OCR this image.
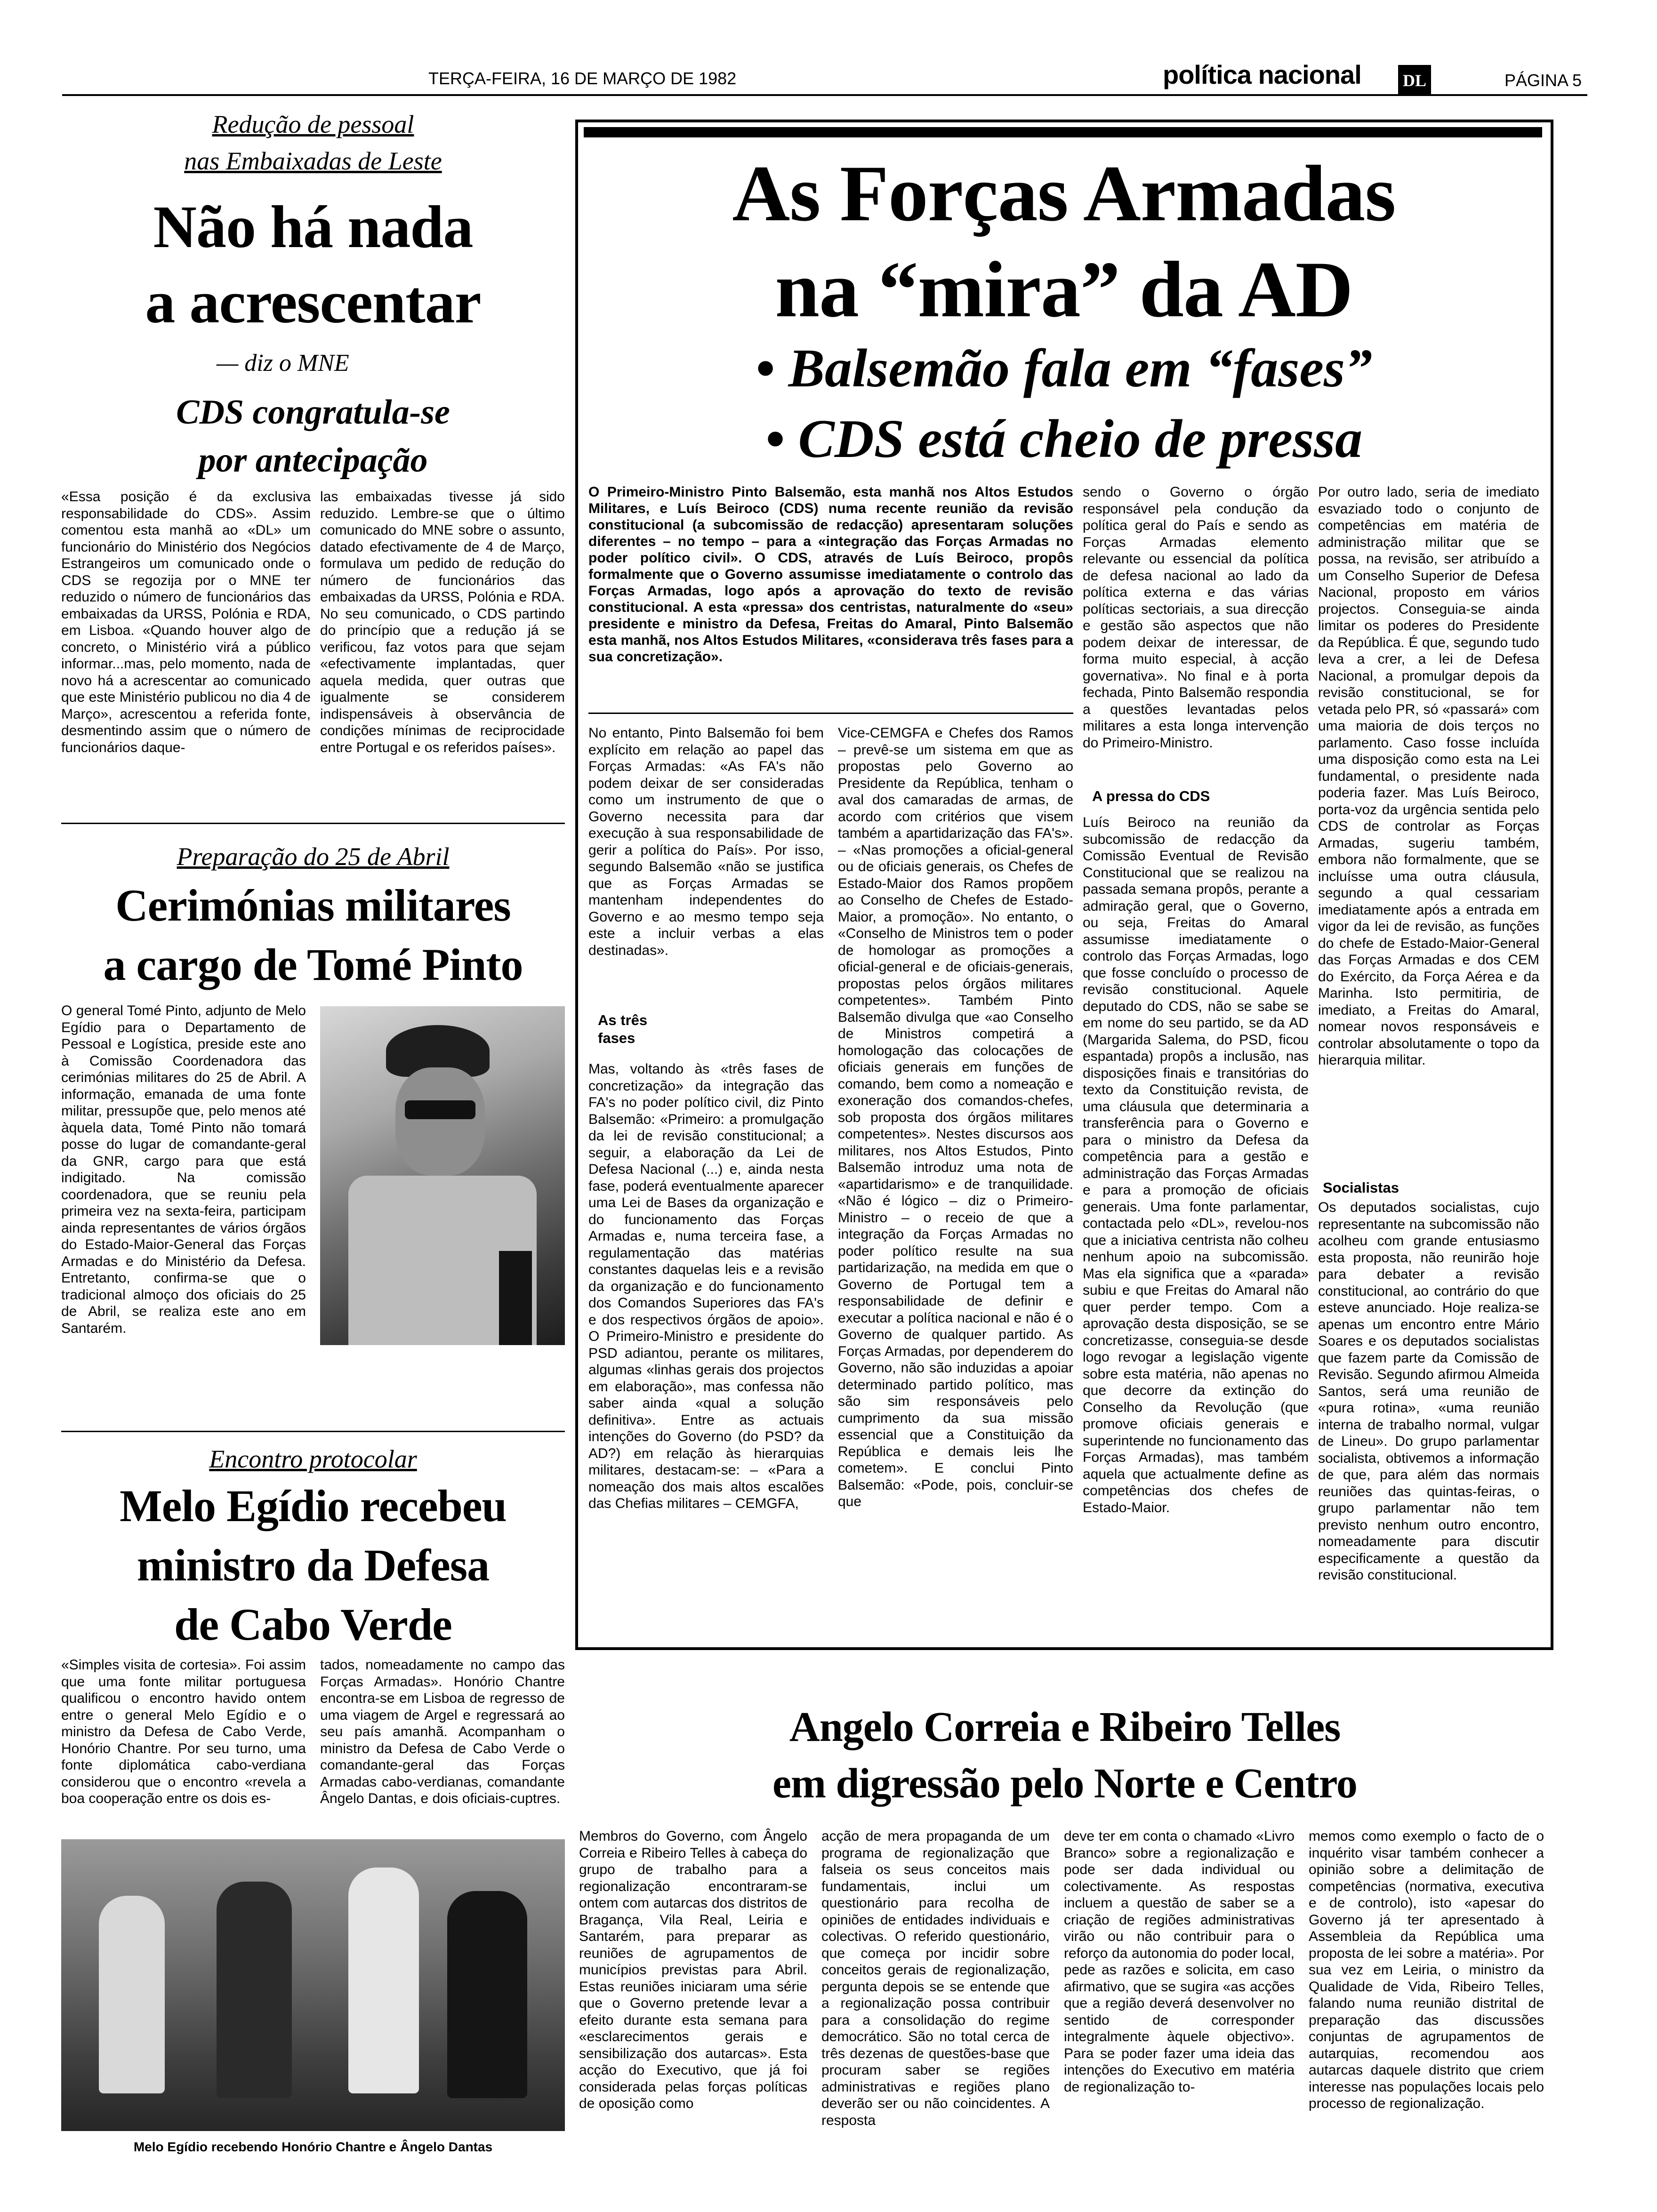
TERÇA-FEIRA, 16 DE MARÇO DE 1982	política nacional DL	PÁGINA 5
Redução de pessoal
nas Embaixadas de Leste
Não há nada
a acrescentar
— diz o MNE
CDS congratula-se
por antecipação
«Essa posição é da exclusiva responsabilidade do CDS». Assim comentou esta manhã ao «DL» um funcionário do Ministério dos Negócios Estrangeiros um comunicado onde o CDS se regozija por o MNE ter reduzido o número de funcionários das embaixadas da URSS, Polónia e RDA, em Lisboa. «Quando houver algo de concreto, o Ministério virá a público informar...mas, pelo momento, nada de novo há a acrescentar ao comunicado que este Ministério publicou no dia 4 de Março», acrescentou a referida fonte, desmentindo assim que o número de funcionários daque-
las embaixadas tivesse já sido reduzido. Lembre-se que o último comunicado do MNE sobre o assunto, datado efectivamente de 4 de Março, formulava um pedido de redução do número de funcionários das embaixadas da URSS, Polónia e RDA. No seu comunicado, o CDS partindo do princípio que a redução já se verificou, faz votos para que sejam «efectivamente implantadas, quer aquela medida, quer outras que igualmente se considerem indispensáveis à observância de condições mínimas de reciprocidade entre Portugal e os referidos países».
Preparação do 25 de Abril
Cerimónias militares
a cargo de Tomé Pinto
O general Tomé Pinto, adjunto de Melo Egídio para o Departamento de Pessoal e Logística, preside este ano à Comissão Coordenadora das cerimónias militares do 25 de Abril. A informação, emanada de uma fonte militar, pressupõe que, pelo menos até àquela data, Tomé Pinto não tomará posse do lugar de comandante-geral da GNR, cargo para que está indigitado. Na comissão coordenadora, que se reuniu pela primeira vez na sexta-feira, participam ainda representantes de vários órgãos do Estado-Maior-General das Forças Armadas e do Ministério da Defesa. Entretanto, confirma-se que o tradicional almoço dos oficiais do 25 de Abril, se realiza este ano em Santarém.
Encontro protocolar
Melo Egídio recebeu
ministro da Defesa
de Cabo Verde
«Simples visita de cortesia». Foi assim que uma fonte militar portuguesa qualificou o encontro havido ontem entre o general Melo Egídio e o ministro da Defesa de Cabo Verde, Honório Chantre. Por seu turno, uma fonte diplomática cabo-verdiana considerou que o encontro «revela a boa cooperação entre os dois es-
tados, nomeadamente no campo das Forças Armadas». Honório Chantre encontra-se em Lisboa de regresso de uma viagem de Argel e regressará ao seu país amanhã. Acompanham o ministro da Defesa de Cabo Verde o comandante-geral das Forças Armadas cabo-verdianas, comandante Ângelo Dantas, e dois oficiais-cuptres.
Melo Egídio recebendo Honório Chantre e Ângelo Dantas
As Forças Armadas
na “mira” da AD
• Balsemão fala em “fases”
• CDS está cheio de pressa
O Primeiro-Ministro Pinto Balsemão, esta manhã nos Altos Estudos Militares, e Luís Beiroco (CDS) numa recente reunião da revisão constitucional (a subcomissão de redacção) apresentaram soluções diferentes – no tempo – para a «integração das Forças Armadas no poder político civil». O CDS, através de Luís Beiroco, propôs formalmente que o Governo assumisse imediatamente o controlo das Forças Armadas, logo após a aprovação do texto de revisão constitucional. A esta «pressa» dos centristas, naturalmente do «seu» presidente e ministro da Defesa, Freitas do Amaral, Pinto Balsemão esta manhã, nos Altos Estudos Militares, «considerava três fases para a sua concretização».
No entanto, Pinto Balsemão foi bem explícito em relação ao papel das Forças Armadas: «As FA's não podem deixar de ser consideradas como um instrumento de que o Governo necessita para dar execução à sua responsabilidade de gerir a política do País». Por isso, segundo Balsemão «não se justifica que as Forças Armadas se mantenham independentes do Governo e ao mesmo tempo seja este a incluir verbas a elas destinadas».
As três
fases
Mas, voltando às «três fases de concretização» da integração das FA's no poder político civil, diz Pinto Balsemão: «Primeiro: a promulgação da lei de revisão constitucional; a seguir, a elaboração da Lei de Defesa Nacional (...) e, ainda nesta fase, poderá eventualmente aparecer uma Lei de Bases da organização e do funcionamento das Forças Armadas e, numa terceira fase, a regulamentação das matérias constantes daquelas leis e a revisão da organização e do funcionamento dos Comandos Superiores das FA's e dos respectivos órgãos de apoio». O Primeiro-Ministro e presidente do PSD adiantou, perante os militares, algumas «linhas gerais dos projectos em elaboração», mas confessa não saber ainda «qual a solução definitiva». Entre as actuais intenções do Governo (do PSD? da AD?) em relação às hierarquias militares, destacam-se: – «Para a nomeação dos mais altos escalões das Chefias militares – CEMGFA,
Vice-CEMGFA e Chefes dos Ramos – prevê-se um sistema em que as propostas pelo Governo ao Presidente da República, tenham o aval dos camaradas de armas, de acordo com critérios que visem também a apartidarização das FA's». – «Nas promoções a oficial-general ou de oficiais generais, os Chefes de Estado-Maior dos Ramos propõem ao Conselho de Chefes de Estado-Maior, a promoção». No entanto, o «Conselho de Ministros tem o poder de homologar as promoções a oficial-general e de oficiais-generais, propostas pelos órgãos militares competentes». Também Pinto Balsemão divulga que «ao Conselho de Ministros competirá a homologação das colocações de oficiais generais em funções de comando, bem como a nomeação e exoneração dos comandos-chefes, sob proposta dos órgãos militares competentes». Nestes discursos aos militares, nos Altos Estudos, Pinto Balsemão introduz uma nota de «apartidarismo» e de tranquilidade. «Não é lógico – diz o Primeiro-Ministro – o receio de que a integração da Forças Armadas no poder político resulte na sua partidarização, na medida em que o Governo de Portugal tem a responsabilidade de definir e executar a política nacional e não é o Governo de qualquer partido. As Forças Armadas, por dependerem do Governo, não são induzidas a apoiar determinado partido político, mas são sim responsáveis pelo cumprimento da sua missão essencial que a Constituição da República e demais leis lhe cometem». E conclui Pinto Balsemão: «Pode, pois, concluir-se que
sendo o Governo o órgão responsável pela condução da política geral do País e sendo as Forças Armadas elemento relevante ou essencial da política de defesa nacional ao lado da política externa e das várias políticas sectoriais, a sua direcção e gestão são aspectos que não podem deixar de interessar, de forma muito especial, à acção governativa». No final e à porta fechada, Pinto Balsemão respondia a questões levantadas pelos militares a esta longa intervenção do Primeiro-Ministro.
A pressa do CDS
Luís Beiroco na reunião da subcomissão de redacção da Comissão Eventual de Revisão Constitucional que se realizou na passada semana propôs, perante a admiração geral, que o Governo, ou seja, Freitas do Amaral assumisse imediatamente o controlo das Forças Armadas, logo que fosse concluído o processo de revisão constitucional. Aquele deputado do CDS, não se sabe se em nome do seu partido, se da AD (Margarida Salema, do PSD, ficou espantada) propôs a inclusão, nas disposições finais e transitórias do texto da Constituição revista, de uma cláusula que determinaria a transferência para o Governo e para o ministro da Defesa da competência para a gestão e administração das Forças Armadas e para a promoção de oficiais generais. Uma fonte parlamentar, contactada pelo «DL», revelou-nos que a iniciativa centrista não colheu nenhum apoio na subcomissão. Mas ela significa que a «parada» subiu e que Freitas do Amaral não quer perder tempo. Com a aprovação desta disposição, se se concretizasse, conseguia-se desde logo revogar a legislação vigente sobre esta matéria, não apenas no que decorre da extinção do Conselho da Revolução (que promove oficiais generais e superintende no funcionamento das Forças Armadas), mas também aquela que actualmente define as competências dos chefes de Estado-Maior.
Por outro lado, seria de imediato esvaziado todo o conjunto de competências em matéria de administração militar que se possa, na revisão, ser atribuído a um Conselho Superior de Defesa Nacional, proposto em vários projectos. Conseguia-se ainda limitar os poderes do Presidente da República. É que, segundo tudo leva a crer, a lei de Defesa Nacional, a promulgar depois da revisão constitucional, se for vetada pelo PR, só «passará» com uma maioria de dois terços no parlamento. Caso fosse incluída uma disposição como esta na Lei fundamental, o presidente nada poderia fazer. Mas Luís Beiroco, porta-voz da urgência sentida pelo CDS de controlar as Forças Armadas, sugeriu também, embora não formalmente, que se incluísse uma outra cláusula, segundo a qual cessariam imediatamente após a entrada em vigor da lei de revisão, as funções do chefe de Estado-Maior-General das Forças Armadas e dos CEM do Exército, da Força Aérea e da Marinha. Isto permitiria, de imediato, a Freitas do Amaral, nomear novos responsáveis e controlar absolutamente o topo da hierarquia militar.
Socialistas
Os deputados socialistas, cujo representante na subcomissão não acolheu com grande entusiasmo esta proposta, não reunirão hoje para debater a revisão constitucional, ao contrário do que esteve anunciado. Hoje realiza-se apenas um encontro entre Mário Soares e os deputados socialistas que fazem parte da Comissão de Revisão. Segundo afirmou Almeida Santos, será uma reunião de «pura rotina», «uma reunião interna de trabalho normal, vulgar de Lineu». Do grupo parlamentar socialista, obtivemos a informação de que, para além das normais reuniões das quintas-feiras, o grupo parlamentar não tem previsto nenhum outro encontro, nomeadamente para discutir especificamente a questão da revisão constitucional.
Angelo Correia e Ribeiro Telles
em digressão pelo Norte e Centro
Membros do Governo, com Ângelo Correia e Ribeiro Telles à cabeça do grupo de trabalho para a regionalização encontraram-se ontem com autarcas dos distritos de Bragança, Vila Real, Leiria e Santarém, para preparar as reuniões de agrupamentos de municípios previstas para Abril. Estas reuniões iniciaram uma série que o Governo pretende levar a efeito durante esta semana para «esclarecimentos gerais e sensibilização dos autarcas». Esta acção do Executivo, que já foi considerada pelas forças políticas de oposição como
acção de mera propaganda de um programa de regionalização que falseia os seus conceitos mais fundamentais, inclui um questionário para recolha de opiniões de entidades individuais e colectivas. O referido questionário, que começa por incidir sobre conceitos gerais de regionalização, pergunta depois se se entende que a regionalização possa contribuir para a consolidação do regime democrático. São no total cerca de três dezenas de questões-base que procuram saber se regiões administrativas e regiões plano deverão ser ou não coincidentes. A resposta
deve ter em conta o chamado «Livro Branco» sobre a regionalização e pode ser dada individual ou colectivamente. As respostas incluem a questão de saber se a criação de regiões administrativas virão ou não contribuir para o reforço da autonomia do poder local, pede as razões e solicita, em caso afirmativo, que se sugira «as acções que a região deverá desenvolver no sentido de corresponder integralmente àquele objectivo». Para se poder fazer uma ideia das intenções do Executivo em matéria de regionalização to-
memos como exemplo o facto de o inquérito visar também conhecer a opinião sobre a delimitação de competências (normativa, executiva e de controlo), isto «apesar do Governo já ter apresentado à Assembleia da República uma proposta de lei sobre a matéria». Por sua vez em Leiria, o ministro da Qualidade de Vida, Ribeiro Telles, falando numa reunião distrital de preparação das discussões conjuntas de agrupamentos de autarquias, recomendou aos autarcas daquele distrito que criem interesse nas populações locais pelo processo de regionalização.
